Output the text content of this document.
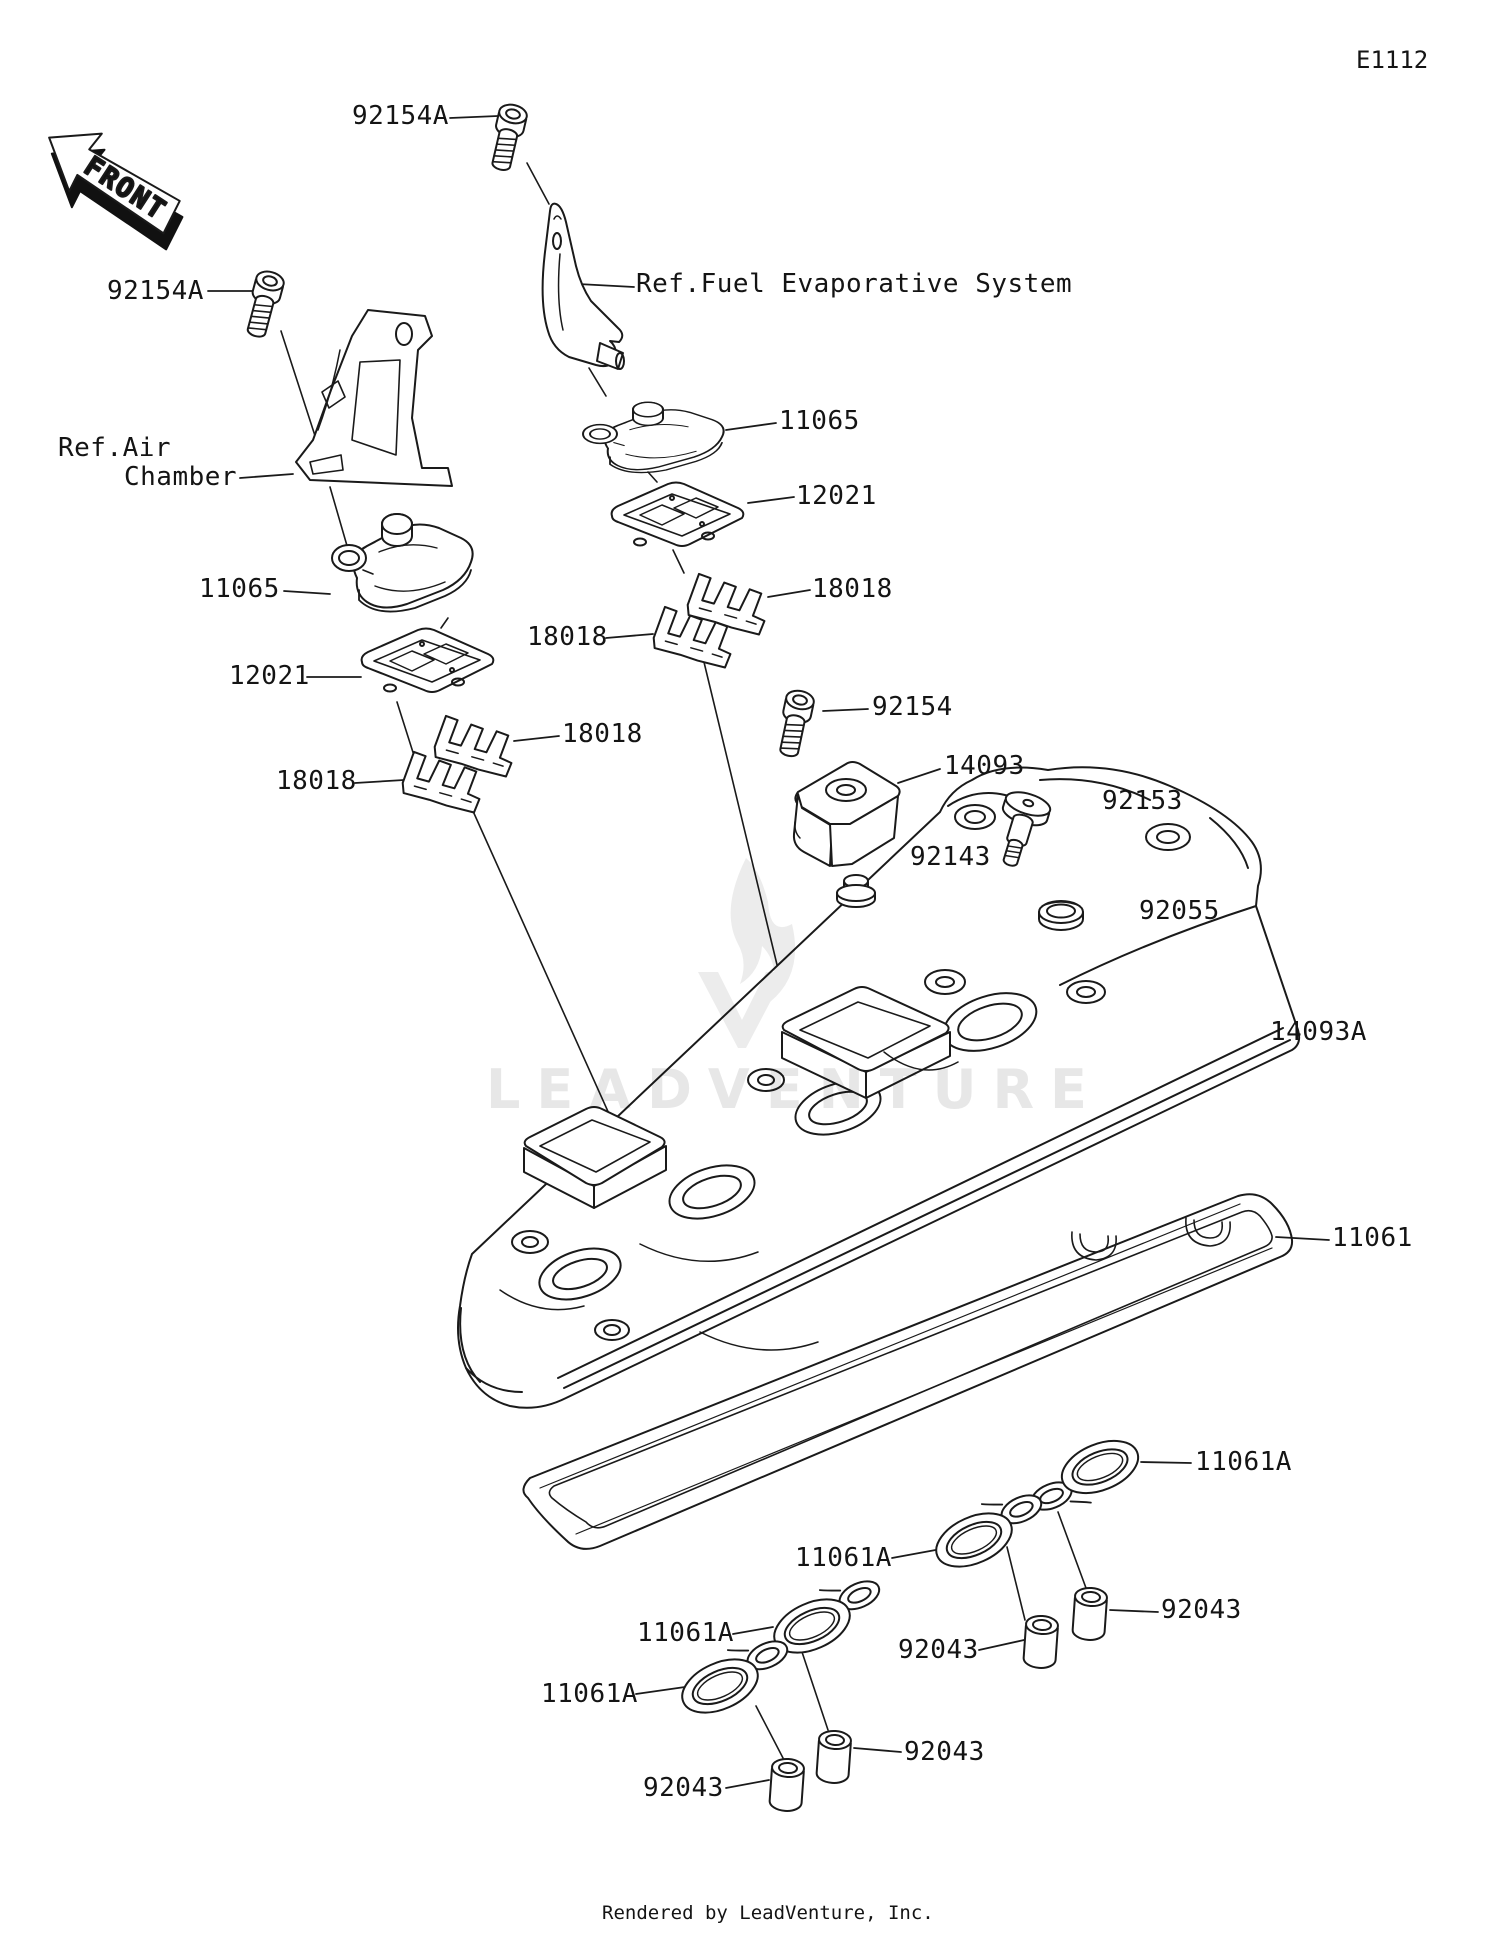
FRONT
LEADVENTURE
E1112
92154A
Ref.Fuel Evaporative System
92154A
Ref.Air
Chamber
11065
12021
18018
18018
11065
12021
18018
18018
92154
14093
92153
92143
92055
14093A
11061
11061A
11061A
11061A
11061A
92043
92043
92043
92043
Rendered by LeadVenture, Inc.
